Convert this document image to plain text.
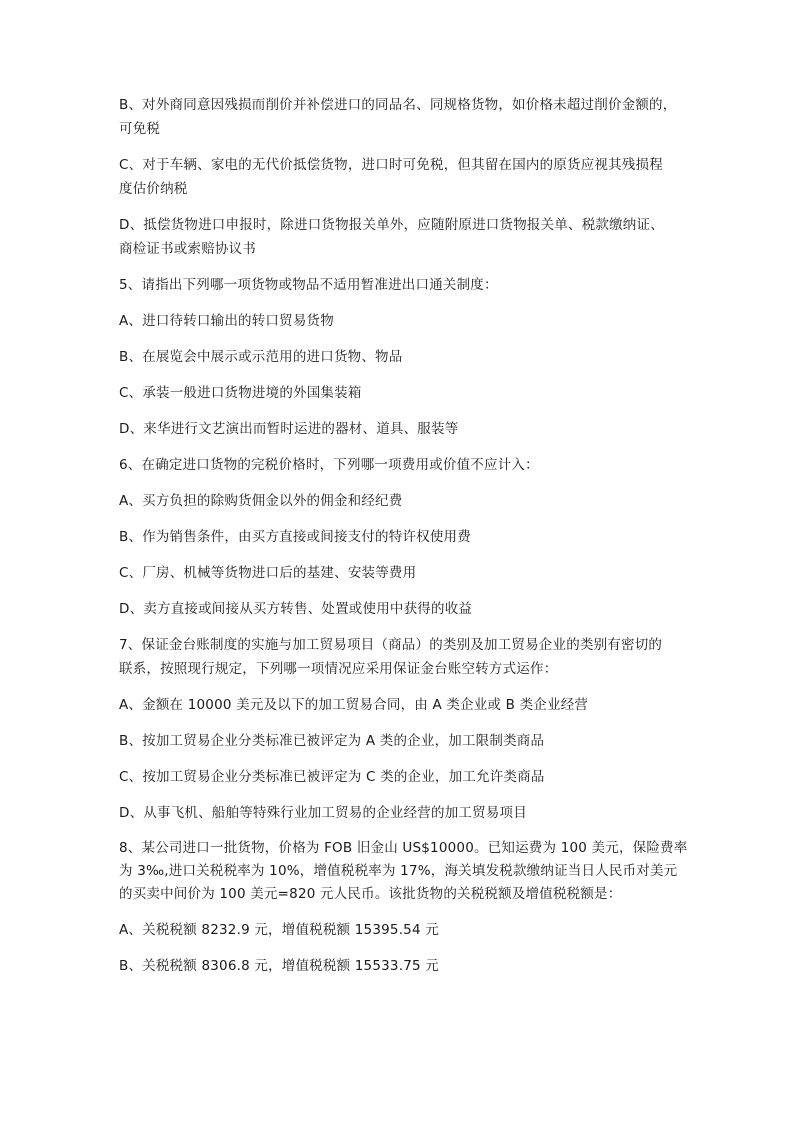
B、对外商同意因残损而削价并补偿进口的同品名、同规格货物，如价格未超过削价金额的，
可免税

C、对于车辆、家电的无代价抵偿货物，进口时可免税，但其留在国内的原货应视其残损程
度估价纳税

D、抵偿货物进口申报时，除进口货物报关单外，应随附原进口货物报关单、税款缴纳证、
商检证书或索赔协议书

5、请指出下列哪一项货物或物品不适用暂准进出口通关制度：

A、进口待转口输出的转口贸易货物

B、在展览会中展示或示范用的进口货物、物品

C、承装一般进口货物进境的外国集装箱

D、来华进行文艺演出而暂时运进的器材、道具、服装等

6、在确定进口货物的完税价格时，下列哪一项费用或价值不应计入：

A、买方负担的除购货佣金以外的佣金和经纪费

B、作为销售条件，由买方直接或间接支付的特许权使用费

C、厂房、机械等货物进口后的基建、安装等费用

D、卖方直接或间接从买方转售、处置或使用中获得的收益

7、保证金台账制度的实施与加工贸易项目（商品）的类别及加工贸易企业的类别有密切的
联系，按照现行规定，下列哪一项情况应采用保证金台账空转方式运作：

A、金额在 10000 美元及以下的加工贸易合同，由 A 类企业或 B 类企业经营

B、按加工贸易企业分类标准已被评定为 A 类的企业，加工限制类商品

C、按加工贸易企业分类标准已被评定为 C 类的企业，加工允许类商品

D、从事飞机、船舶等特殊行业加工贸易的企业经营的加工贸易项目

8、某公司进口一批货物，价格为 FOB 旧金山 US$10000。已知运费为 100 美元，保险费率
为 3‰,进口关税税率为 10%，增值税税率为 17%，海关填发税款缴纳证当日人民币对美元
的买卖中间价为 100 美元=820 元人民币。该批货物的关税税额及增值税税额是：

A、关税税额 8232.9 元，增值税税额 15395.54 元

B、关税税额 8306.8 元，增值税税额 15533.75 元
